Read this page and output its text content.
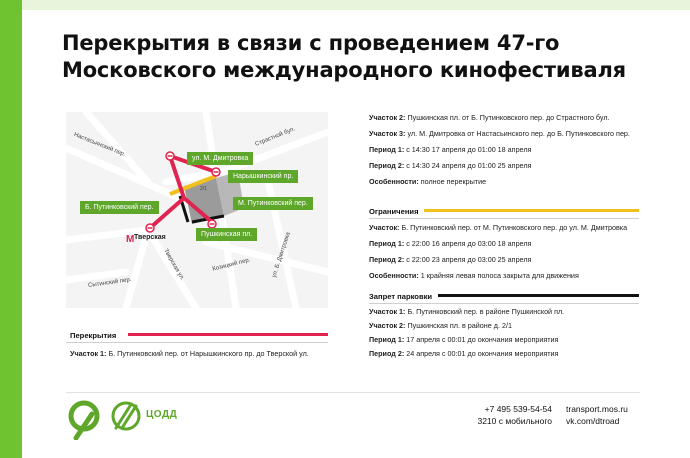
Перекрытия в связи с проведением 47-го
Московского международного кинофестиваля
M
ул. М. Дмитровка
Нарышкинский пр.
Б. Путинковский пер.
М. Путинковский пер.
Пушкинская пл.
Настасьинский пер.	Страстной бул.
ул. Б. Дмитровка
Тверская ул.
Сытинский пер.
Козицкий пер.
Тверская
2/1
Перекрытия
Участок 1: Б. Путинковский пер. от Нарышкинского пр. до Тверской ул.

Участок 2: Пушкинская пл. от Б. Путинковского пер. до Страстного бул.

Участок 3: ул. М. Дмитровка от Настасьинского пер. до Б. Путинковского пер.

Период 1: с 14:30 17 апреля до 01:00 18 апреля

Период 2: с 14:30 24 апреля до 01:00 25 апреля

Особенности: полное перекрытие

Ограничения

Участок: Б. Путинковский пер. от М. Путинковского пер. до ул. М. Дмитровка

Период 1: с 22:00 16 апреля до 03:00 18 апреля

Период 2: с 22:00 23 апреля до 03:00 25 апреля

Особенности: 1 крайняя левая полоса закрыта для движения

Запрет парковки

Участок 1: Б. Путинковский пер. в районе Пушкинской пл.

Участок 2: Пушкинская пл. в районе д. 2/1

Период 1: 17 апреля с 00:01 до окончания мероприятия

Период 2: 24 апреля с 00:01 до окончания мероприятия

ЦОДД	+7 495 539-54-54
3210 с мобильного
transport.mos.ru
vk.com/dtroad
